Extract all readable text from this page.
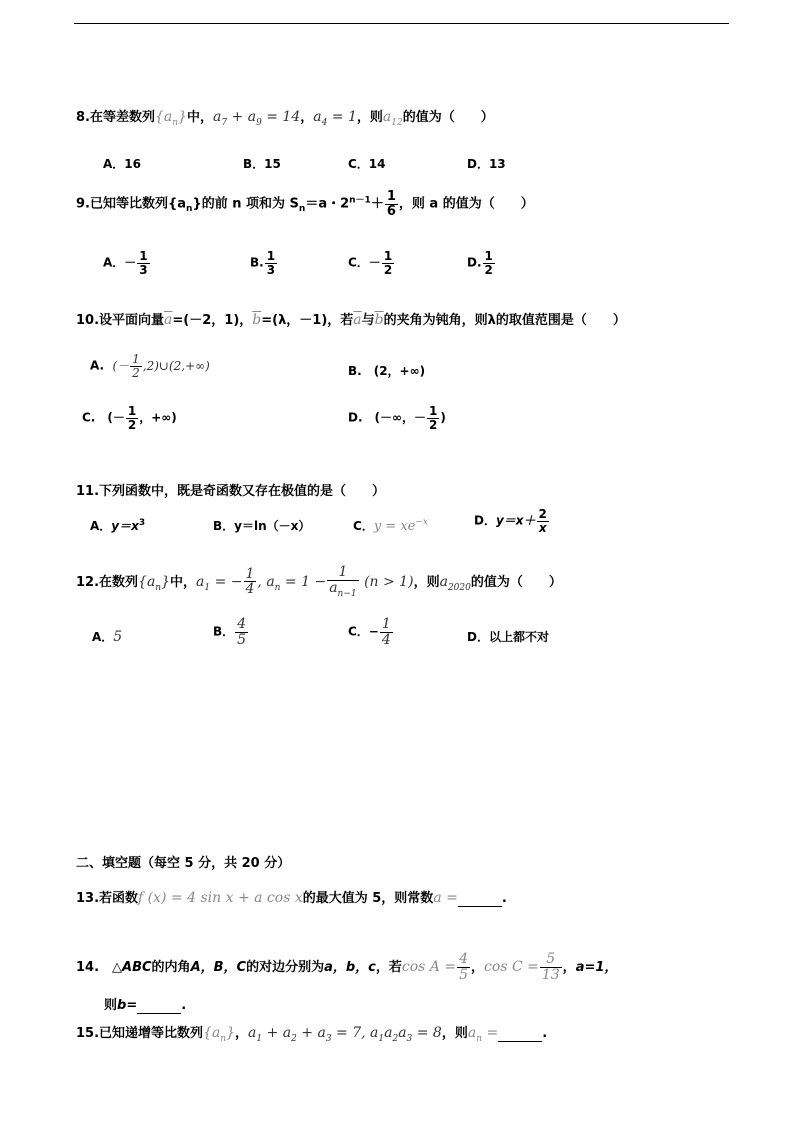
8.在等差数列$\{a_n\}$中，$a_7 + a_9 = 14$，$a_4 = 1$，则$a_{12}$的值为（　　）
A．16	B．15	C．14	D．13
9.已知等比数列$\{a_n\}$的前 n 项和为 $S_n=a$・$2^{n-1}+ \frac{1}{6}$ ，则 a 的值为（　　）
A．－ $\frac{1}{3}$	B. $\frac{1}{3}$	C．－ $\frac{1}{2}$	D. $\frac{1}{2}$
10.设平面向量$\overline{a}=(-2$，1)，$\overline{b}=(\lambda$，－1)，若$\overline{a}$与$\overline{b}$的夹角为钝角，则λ的取值范围是（　　）
A. (－ $\frac{1}{2}$ ,2)∪(2,+∞)	B.　(2，+∞)
C.　(－ $\frac{1}{2}$ ，+∞)	D.　(－∞，－ $\frac{1}{2}$ )
11.下列函数中，既是奇函数又存在极值的是（　　）
A．$y=x^3$	B．y＝ln（－x）	C．$y = xe^{-x}$	D．$y=x+ \frac{2}{x}$
12.在数列$\{a_n\}$中，$a_1$ = − $\frac{1}{4}$ , $a_n = 1 - \frac{1}{a_{n-1}} (n > 1)$，则$a_{2020}$的值为（　　）
A．5	B． $\frac{4}{5}$	C．− $\frac{1}{4}$	D．以上都不对
二、填空题（每空 5 分，共 20 分）
13.若函数f (x) = 4 sin x + a cos x的最大值为 5，则常数a =	.
14.　△ABC的内角A，B，C的对边分别为a，b，c，若$\cos A = \frac{4}{5}$ ，$\cos C = \frac{5}{13}$ ，a=1，
则b=	.
15.已知递增等比数列$\{a_n\}$，$a_1 + a_2 + a_3 = 7$, $a_1a_2a_3 = 8$，则$a_n$ =	.
